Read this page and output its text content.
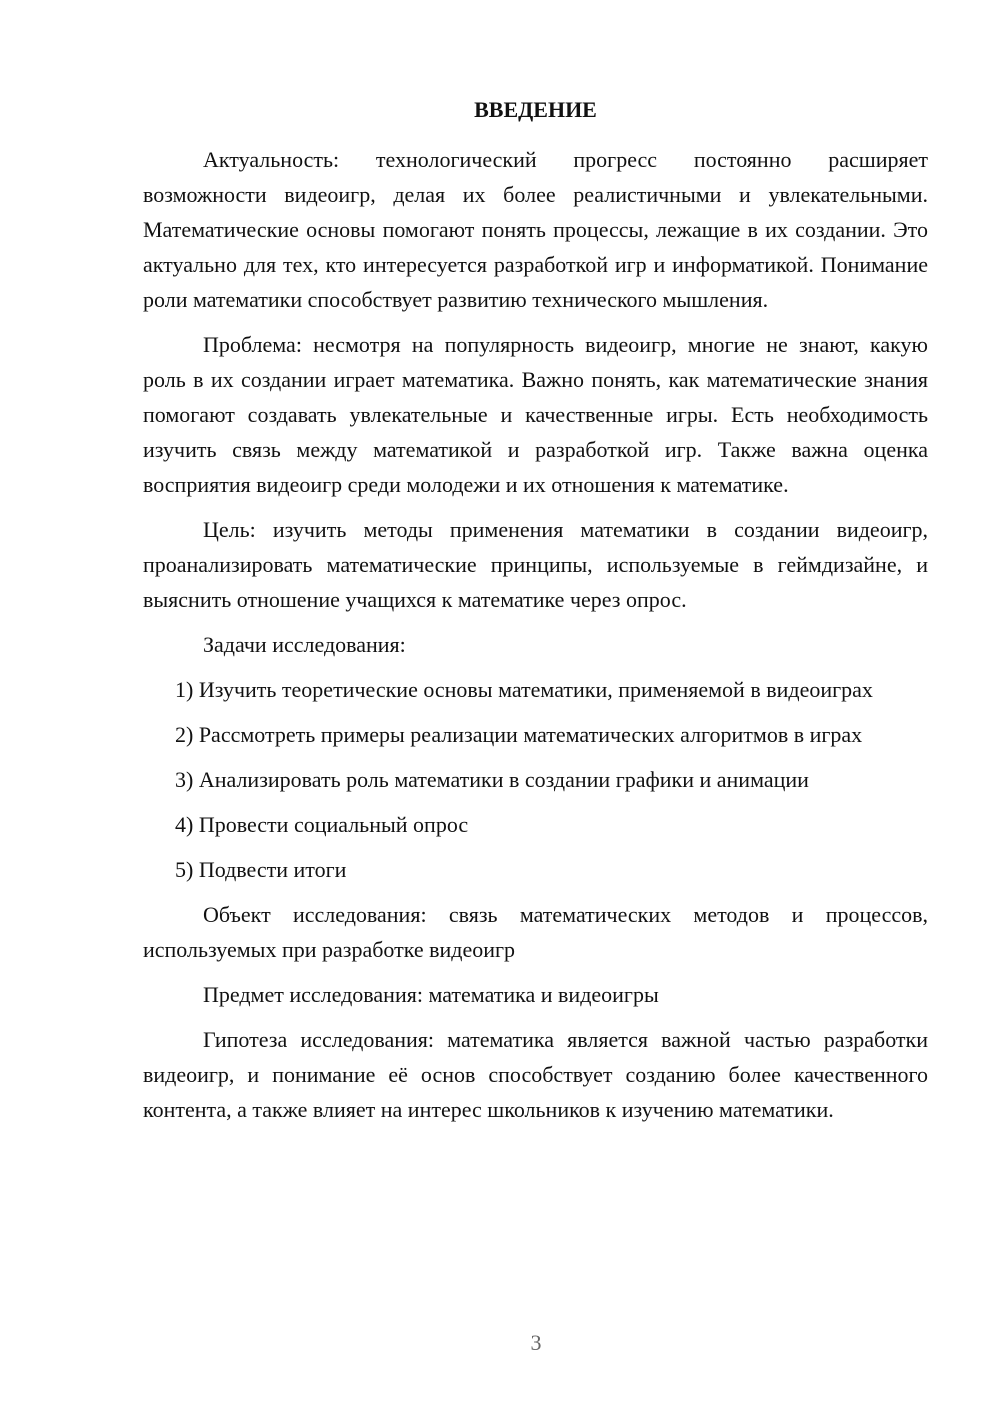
ВВЕДЕНИЕ

Актуальность: технологический прогресс постоянно расширяет возможности видеоигр, делая их более реалистичными и увлекательными. Математические основы помогают понять процессы, лежащие в их создании. Это актуально для тех, кто интересуется разработкой игр и информатикой. Понимание роли математики способствует развитию технического мышления.

Проблема: несмотря на популярность видеоигр, многие не знают, какую роль в их создании играет математика. Важно понять, как математические знания помогают создавать увлекательные и качественные игры. Есть необходимость изучить связь между математикой и разработкой игр. Также важна оценка восприятия видеоигр среди молодежи и их отношения к математике.

Цель: изучить методы применения математики в создании видеоигр, проанализировать математические принципы, используемые в геймдизайне, и выяснить отношение учащихся к математике через опрос.

Задачи исследования:

1) Изучить теоретические основы математики, применяемой в видеоиграх

2) Рассмотреть примеры реализации математических алгоритмов в играх

3) Анализировать роль математики в создании графики и анимации

4) Провести социальный опрос

5) Подвести итоги

Объект исследования: связь математических методов и процессов, используемых при разработке видеоигр

Предмет исследования: математика и видеоигры

Гипотеза исследования: математика является важной частью разработки видеоигр, и понимание её основ способствует созданию более качественного контента, а также влияет на интерес школьников к изучению математики.

3
